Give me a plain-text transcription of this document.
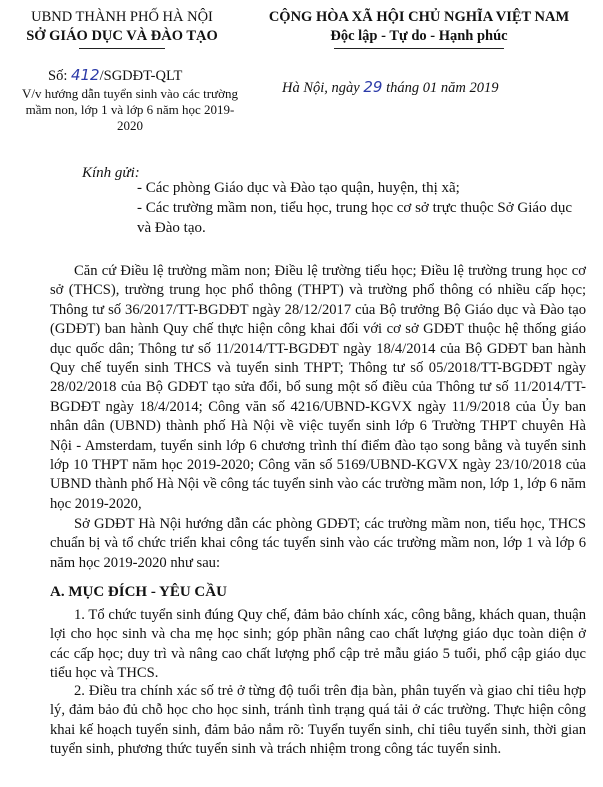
UBND THÀNH PHỐ HÀ NỘI
SỞ GIÁO DỤC VÀ ĐÀO TẠO
CỘNG HÒA XÃ HỘI CHỦ NGHĨA VIỆT NAM
Độc lập - Tự do - Hạnh phúc
Số: 412/SGDĐT-QLT
V/v hướng dẫn tuyển sinh vào các trường mầm non, lớp 1 và lớp 6 năm học 2019-2020
Hà Nội, ngày 29 tháng 01 năm 2019
Kính gửi:
- Các phòng Giáo dục và Đào tạo quận, huyện, thị xã;
- Các trường mầm non, tiểu học, trung học cơ sở trực thuộc Sở Giáo dục và Đào tạo.
Căn cứ Điều lệ trường mầm non; Điều lệ trường tiểu học; Điều lệ trường trung học cơ sở (THCS), trường trung học phổ thông (THPT) và trường phổ thông có nhiều cấp học; Thông tư số 36/2017/TT-BGDĐT ngày 28/12/2017 của Bộ trưởng Bộ Giáo dục và Đào tạo (GDĐT) ban hành Quy chế thực hiện công khai đối với cơ sở GDĐT thuộc hệ thống giáo dục quốc dân; Thông tư số 11/2014/TT-BGDĐT ngày 18/4/2014 của Bộ GDĐT ban hành Quy chế tuyển sinh THCS và tuyển sinh THPT; Thông tư số 05/2018/TT-BGDĐT ngày 28/02/2018 của Bộ GDĐT tạo sửa đổi, bổ sung một số điều của Thông tư số 11/2014/TT-BGDĐT ngày 18/4/2014; Công văn số 4216/UBND-KGVX ngày 11/9/2018 của Ủy ban nhân dân (UBND) thành phố Hà Nội về việc tuyển sinh lớp 6 Trường THPT chuyên Hà Nội - Amsterdam, tuyển sinh lớp 6 chương trình thí điểm đào tạo song bằng và tuyển sinh lớp 10 THPT năm học 2019-2020; Công văn số 5169/UBND-KGVX ngày 23/10/2018 của UBND thành phố Hà Nội về công tác tuyển sinh vào các trường mầm non, lớp 1, lớp 6 năm học 2019-2020,
Sở GDĐT Hà Nội hướng dẫn các phòng GDĐT; các trường mầm non, tiểu học, THCS chuẩn bị và tổ chức triển khai công tác tuyển sinh vào các trường mầm non, lớp 1 và lớp 6 năm học 2019-2020 như sau:
A. MỤC ĐÍCH - YÊU CẦU
1. Tổ chức tuyển sinh đúng Quy chế, đảm bảo chính xác, công bằng, khách quan, thuận lợi cho học sinh và cha mẹ học sinh; góp phần nâng cao chất lượng giáo dục toàn diện ở các cấp học; duy trì và nâng cao chất lượng phổ cập trẻ mẫu giáo 5 tuổi, phổ cập giáo dục tiểu học và THCS.
2. Điều tra chính xác số trẻ ở từng độ tuổi trên địa bàn, phân tuyến và giao chỉ tiêu hợp lý, đảm bảo đủ chỗ học cho học sinh, tránh tình trạng quá tải ở các trường. Thực hiện công khai kế hoạch tuyển sinh, đảm bảo nắm rõ: Tuyển tuyển sinh, chỉ tiêu tuyển sinh, thời gian tuyển sinh, phương thức tuyển sinh và trách nhiệm trong công tác tuyển sinh.
